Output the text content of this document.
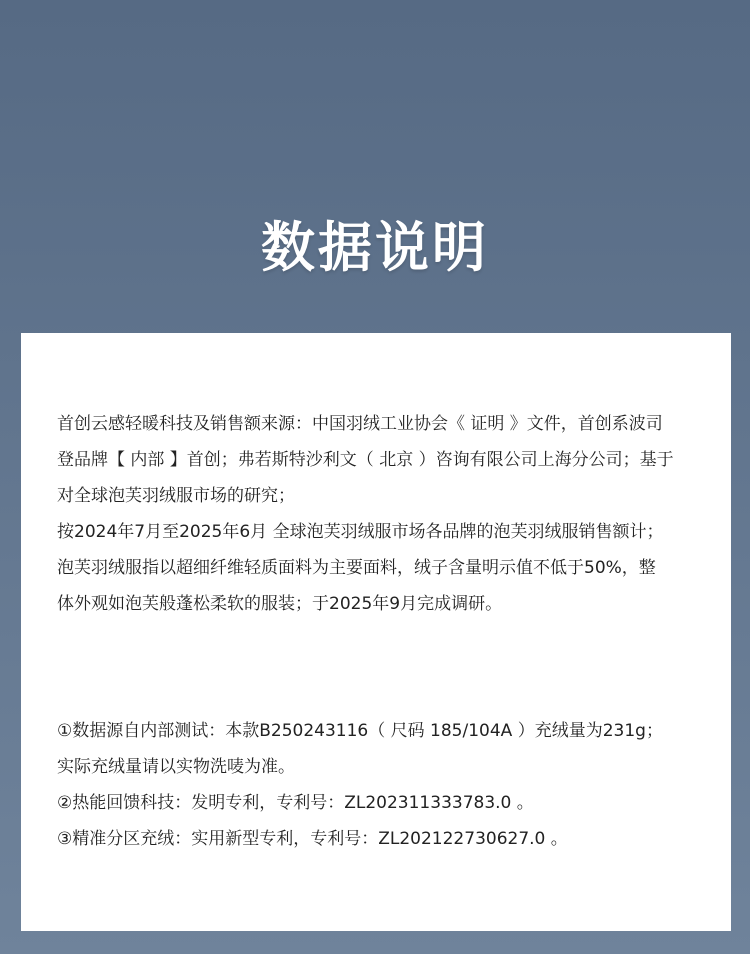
数据说明
首创云感轻暖科技及销售额来源：中国羽绒工业协会《 证明 》文件，首创系波司
登品牌【 内部 】首创；弗若斯特沙利文（ 北京 ）咨询有限公司上海分公司；基于
对全球泡芙羽绒服市场的研究；
按2024年7月至2025年6月 全球泡芙羽绒服市场各品牌的泡芙羽绒服销售额计；
泡芙羽绒服指以超细纤维轻质面料为主要面料，绒子含量明示值不低于50%，整
体外观如泡芙般蓬松柔软的服装；于2025年9月完成调研。
①数据源自内部测试：本款B250243116（ 尺码 185/104A ）充绒量为231g；
实际充绒量请以实物洗唛为准。
②热能回馈科技：发明专利，专利号：ZL202311333783.0 。
③精准分区充绒：实用新型专利，专利号：ZL202122730627.0 。
